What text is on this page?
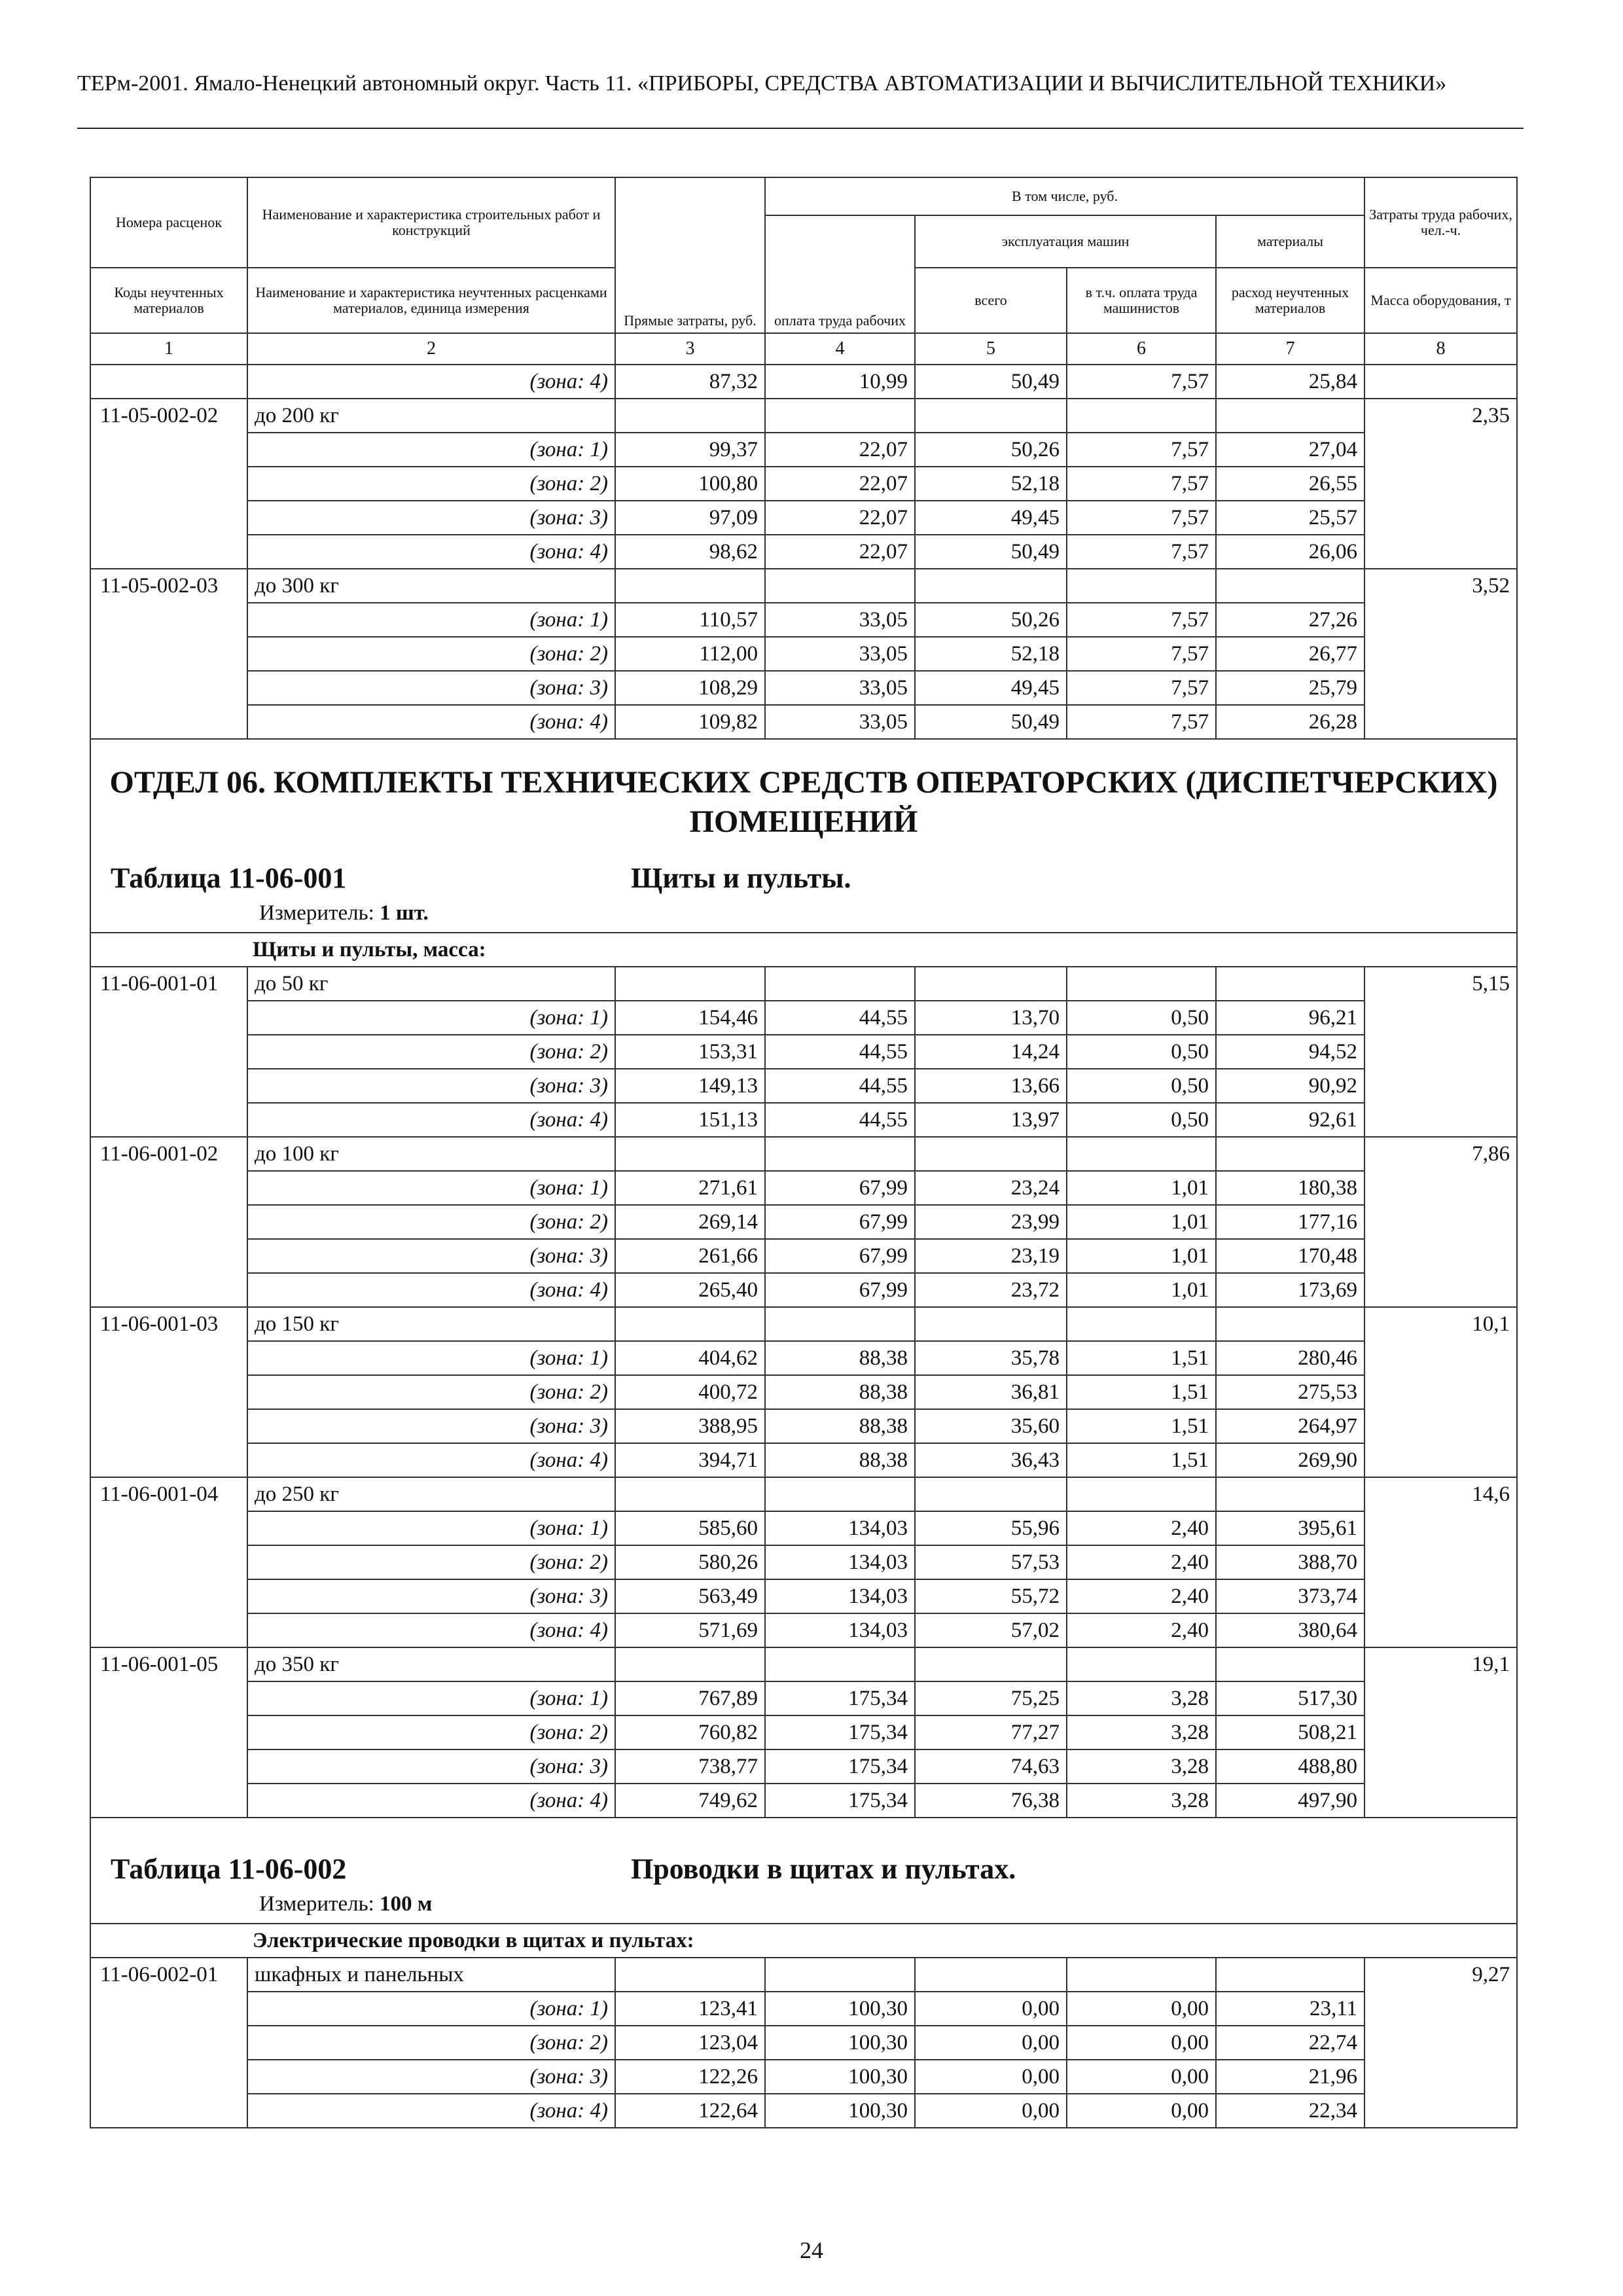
ТЕРм-2001. Ямало-Ненецкий автономный округ. Часть 11. «ПРИБОРЫ, СРЕДСТВА АВТОМАТИЗАЦИИ И ВЫЧИСЛИТЕЛЬНОЙ ТЕХНИКИ»
Номера расценок	Наименование и характеристика строительных работ и конструкций	Прямые затраты, руб.	В том числе, руб.				Затраты труда рабочих, чел.-ч.
			оплата труда рабочих	эксплуатация машин		материалы	
Коды неучтенных материалов	Наименование и характеристика неучтенных расценками материалов, единица измерения			всего	в т.ч. оплата труда машинистов	расход неучтенных материалов	Масса оборудования, т
1	2	3	4	5	6	7	8
	(зона: 4)	87,32	10,99	50,49	7,57	25,84	
11-05-002-02	до 200 кг						2,35
	(зона: 1)	99,37	22,07	50,26	7,57	27,04	
	(зона: 2)	100,80	22,07	52,18	7,57	26,55	
	(зона: 3)	97,09	22,07	49,45	7,57	25,57	
	(зона: 4)	98,62	22,07	50,49	7,57	26,06	
11-05-002-03	до 300 кг						3,52
	(зона: 1)	110,57	33,05	50,26	7,57	27,26	
	(зона: 2)	112,00	33,05	52,18	7,57	26,77	
	(зона: 3)	108,29	33,05	49,45	7,57	25,79	
	(зона: 4)	109,82	33,05	50,49	7,57	26,28	

ОТДЕЛ 06. КОМПЛЕКТЫ ТЕХНИЧЕСКИХ СРЕДСТВ ОПЕРАТОРСКИХ (ДИСПЕТЧЕРСКИХ) ПОМЕЩЕНИЙ
Таблица 11-06-001 Щиты и пульты.
Измеритель: 1 шт.							

Щиты и пульты, масса:							
11-06-001-01	до 50 кг						5,15
	(зона: 1)	154,46	44,55	13,70	0,50	96,21	
	(зона: 2)	153,31	44,55	14,24	0,50	94,52	
	(зона: 3)	149,13	44,55	13,66	0,50	90,92	
	(зона: 4)	151,13	44,55	13,97	0,50	92,61	
11-06-001-02	до 100 кг						7,86
	(зона: 1)	271,61	67,99	23,24	1,01	180,38	
	(зона: 2)	269,14	67,99	23,99	1,01	177,16	
	(зона: 3)	261,66	67,99	23,19	1,01	170,48	
	(зона: 4)	265,40	67,99	23,72	1,01	173,69	
11-06-001-03	до 150 кг						10,1
	(зона: 1)	404,62	88,38	35,78	1,51	280,46	
	(зона: 2)	400,72	88,38	36,81	1,51	275,53	
	(зона: 3)	388,95	88,38	35,60	1,51	264,97	
	(зона: 4)	394,71	88,38	36,43	1,51	269,90	
11-06-001-04	до 250 кг						14,6
	(зона: 1)	585,60	134,03	55,96	2,40	395,61	
	(зона: 2)	580,26	134,03	57,53	2,40	388,70	
	(зона: 3)	563,49	134,03	55,72	2,40	373,74	
	(зона: 4)	571,69	134,03	57,02	2,40	380,64	
11-06-001-05	до 350 кг						19,1
	(зона: 1)	767,89	175,34	75,25	3,28	517,30	
	(зона: 2)	760,82	175,34	77,27	3,28	508,21	
	(зона: 3)	738,77	175,34	74,63	3,28	488,80	
	(зона: 4)	749,62	175,34	76,38	3,28	497,90	

Таблица 11-06-002 Проводки в щитах и пультах.
Измеритель: 100 м							

Электрические проводки в щитах и пультах:							
11-06-002-01	шкафных и панельных						9,27
	(зона: 1)	123,41	100,30	0,00	0,00	23,11	
	(зона: 2)	123,04	100,30	0,00	0,00	22,74	
	(зона: 3)	122,26	100,30	0,00	0,00	21,96	
	(зона: 4)	122,64	100,30	0,00	0,00	22,34	
24
